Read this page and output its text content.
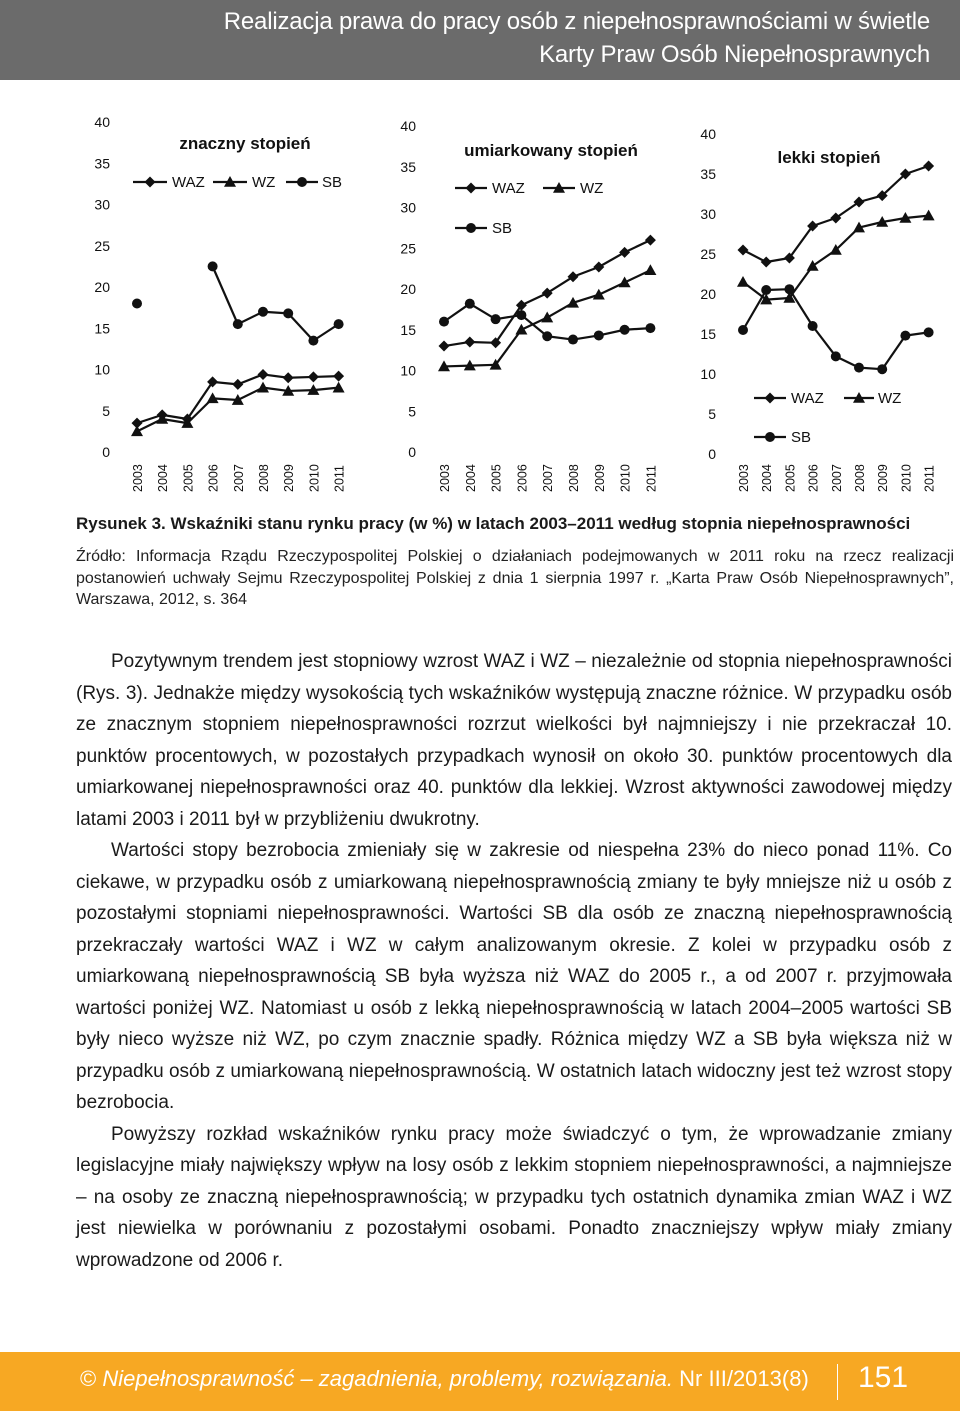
Realizacja prawa do pracy osób z niepełnosprawnościami w świetle
Karty Praw Osób Niepełnosprawnych
znaczny stopień
0
5
10
15
20
25
30
35
40
2003 2004 2005 2006 2007 2008 2009 2010 2011
WAZ	WZ	SB
umiarkowany stopień
0
5
10
15
20
25
30
35
40
2003 2004 2005 2006 2007 2008 2009 2010 2011
WAZ	WZ
SB
lekki stopień
0
5
10
15
20
25
30
35
40
2003 2004 2005 2006 2007 2008 2009 2010 2011
WAZ	WZ
SB
Rysunek 3. Wskaźniki stanu rynku pracy (w %) w latach 2003–2011 według stopnia niepełnosprawności
Źródło: Informacja Rządu Rzeczypospolitej Polskiej o działaniach podejmowanych w 2011 roku na rzecz realizacji postanowień uchwały Sejmu Rzeczypospolitej Polskiej z dnia 1 sierpnia 1997 r. „Karta Praw Osób Niepełnosprawnych”, Warszawa, 2012, s. 364

Pozytywnym trendem jest stopniowy wzrost WAZ i WZ – niezależnie od stopnia niepełnosprawności (Rys. 3). Jednakże między wysokością tych wskaźników występują znaczne różnice. W przypadku osób ze znacznym stopniem niepełnosprawności rozrzut wielkości był najmniejszy i nie przekraczał 10. punktów procentowych, w pozostałych przypadkach wynosił on około 30. punktów procentowych dla umiarkowanej niepełnosprawności oraz 40. punktów dla lekkiej. Wzrost aktywności zawodowej między latami 2003 i 2011 był w przybliżeniu dwukrotny.

Wartości stopy bezrobocia zmieniały się w zakresie od niespełna 23% do nieco ponad 11%. Co ciekawe, w przypadku osób z umiarkowaną niepełnosprawnością zmiany te były mniejsze niż u osób z pozostałymi stopniami niepełnosprawności. Wartości SB dla osób ze znaczną niepełnosprawnością przekraczały wartości WAZ i WZ w całym analizowanym okresie. Z kolei w przypadku osób z umiarkowaną niepełnosprawnością SB była wyższa niż WAZ do 2005 r., a od 2007 r. przyjmowała wartości poniżej WZ. Natomiast u osób z lekką niepełnosprawnością w latach 2004–2005 wartości SB były nieco wyższe niż WZ, po czym znacznie spadły. Różnica między WZ a SB była większa niż w przypadku osób z umiarkowaną niepełnosprawnością. W ostatnich latach widoczny jest też wzrost stopy bezrobocia.

Powyższy rozkład wskaźników rynku pracy może świadczyć o tym, że wprowadzanie zmiany legislacyjne miały największy wpływ na losy osób z lekkim stopniem niepełnosprawności, a najmniejsze – na osoby ze znaczną niepełnosprawnością; w przypadku tych ostatnich dynamika zmian WAZ i WZ jest niewielka w porównaniu z pozostałymi osobami. Ponadto znaczniejszy wpływ miały zmiany wprowadzone od 2006 r.

© Niepełnosprawność – zagadnienia, problemy, rozwiązania. Nr III/2013(8) 151
